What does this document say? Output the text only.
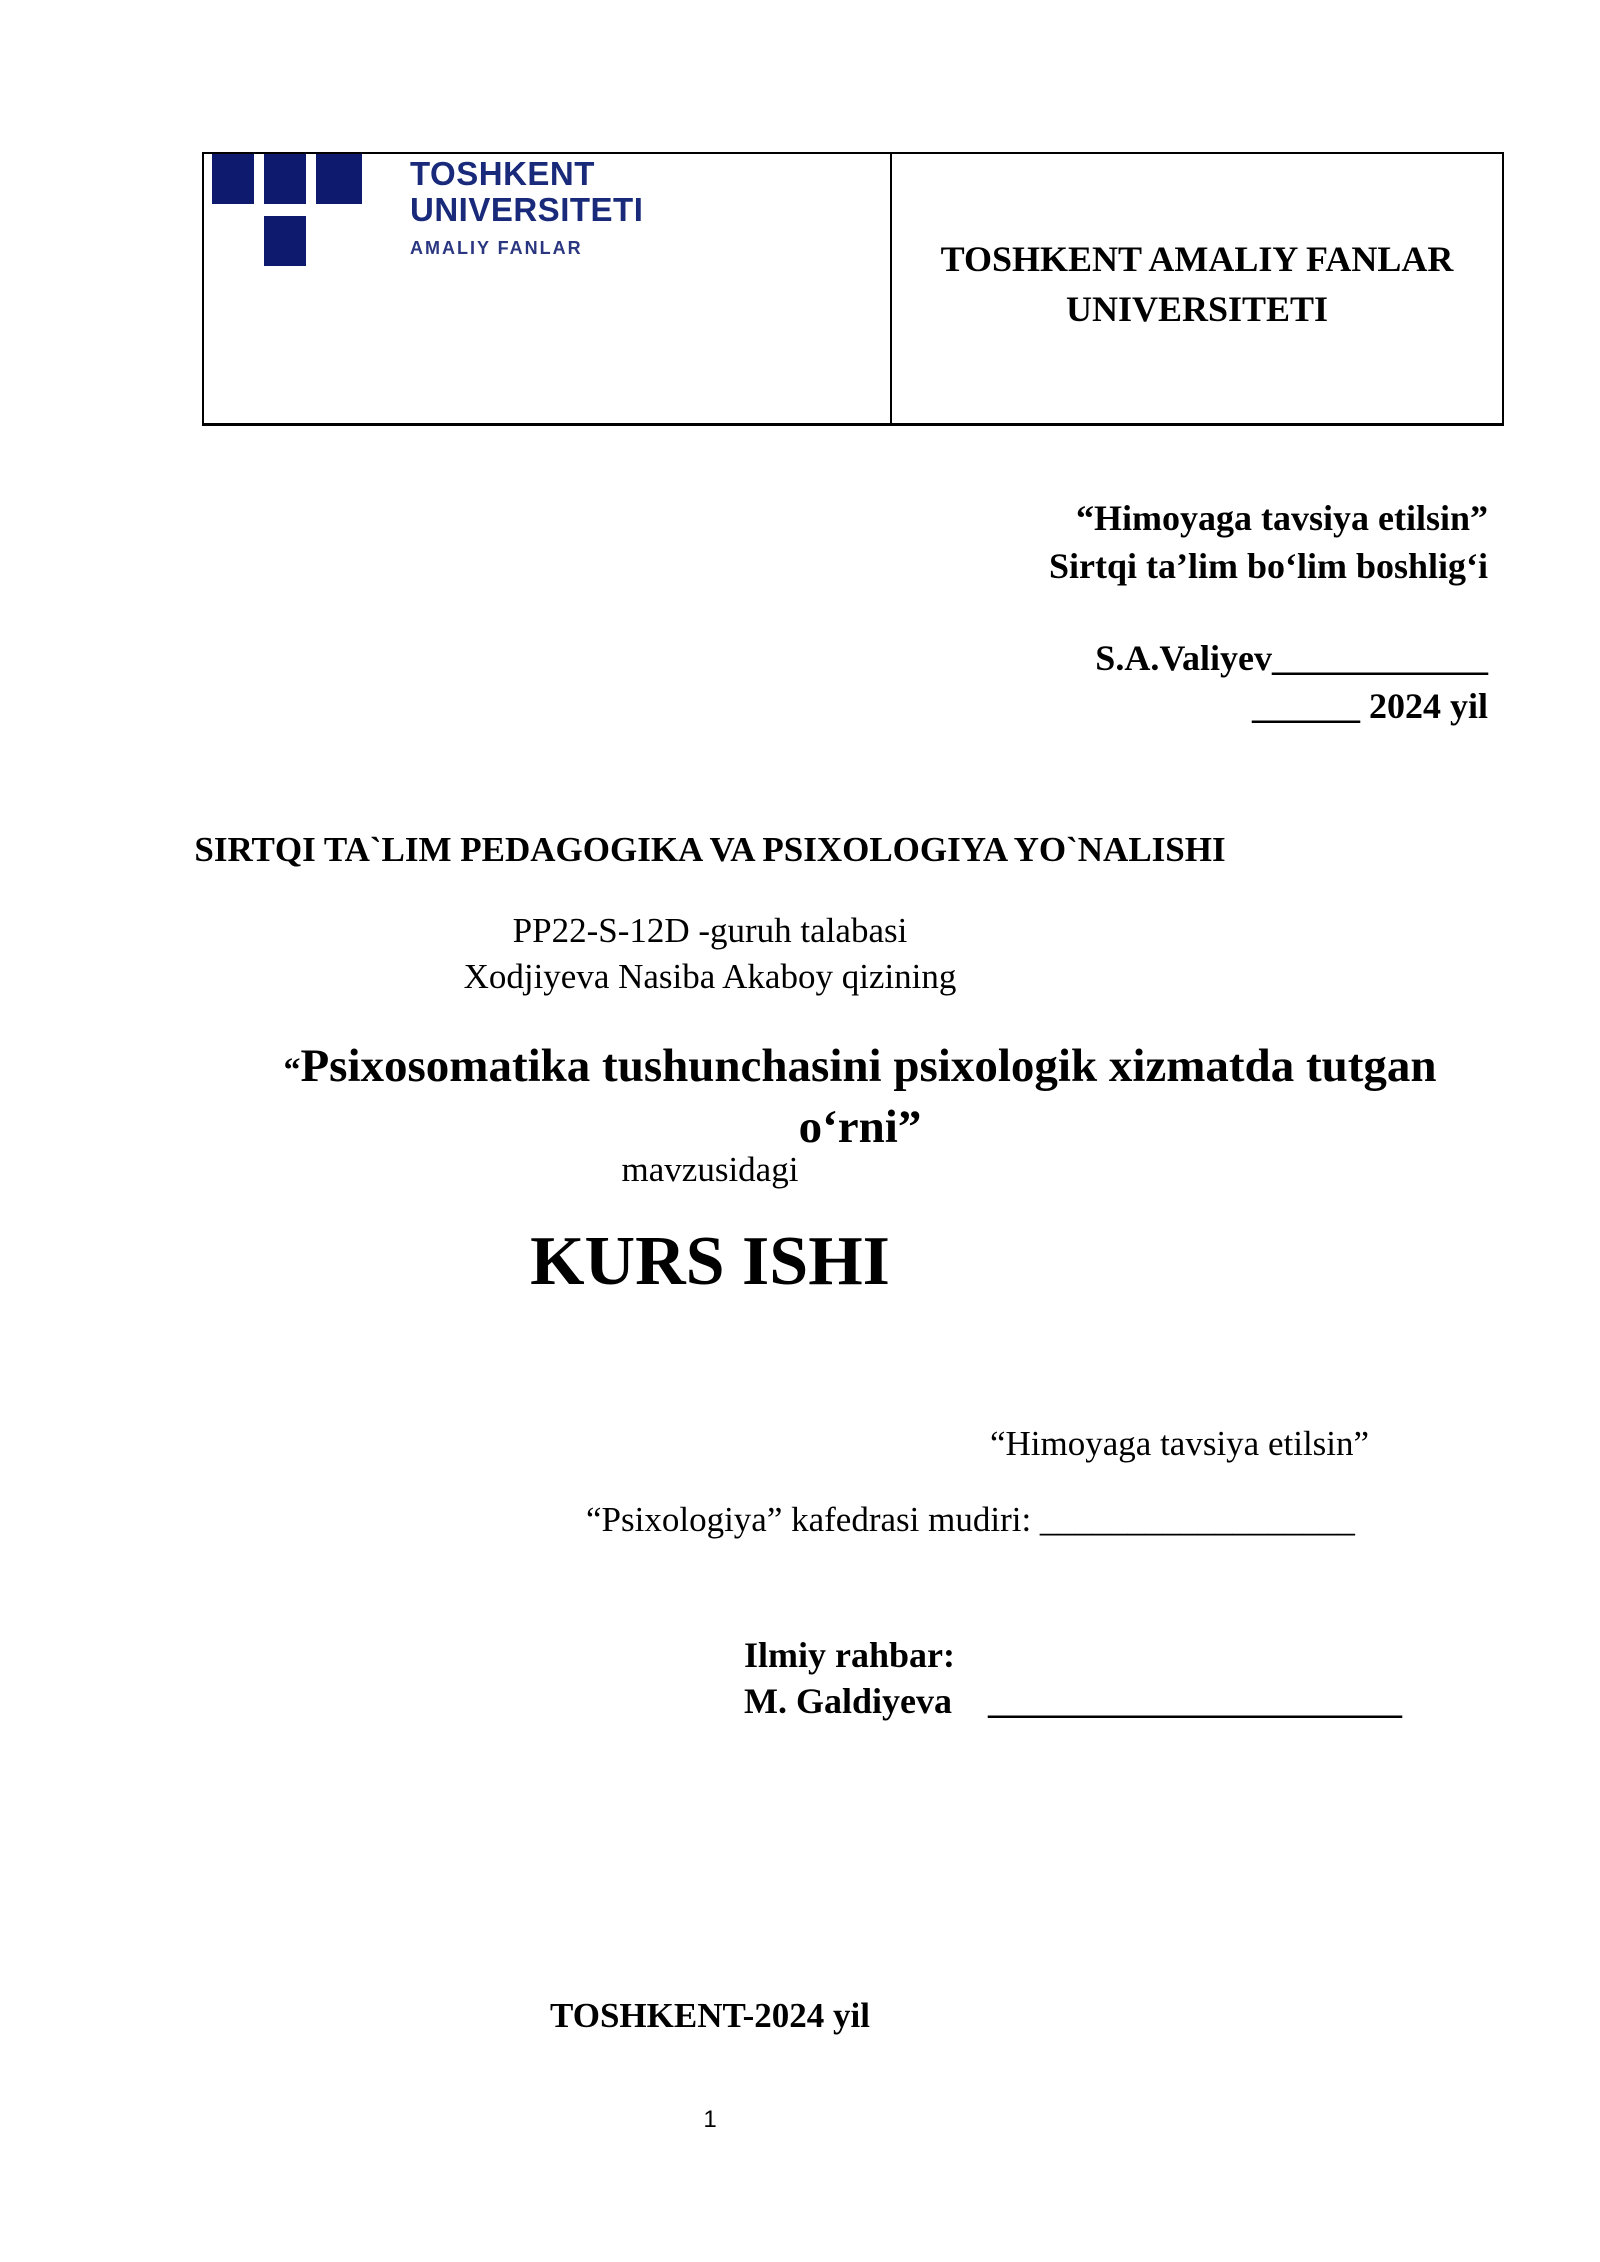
TOSHKENT
UNIVERSITETI
AMALIY FANLAR	TOSHKENT AMALIY FANLAR UNIVERSITETI
“Himoyaga tavsiya etilsin”
Sirtqi ta’lim bo‘lim boshlig‘i
S.A.Valiyev____________
______ 2024 yil
SIRTQI TA`LIM PEDAGOGIKA VA PSIXOLOGIYA YO`NALISHI
PP22-S-12D -guruh talabasi
Xodjiyeva Nasiba Akaboy qizining
“Psixosomatika tushunchasini psixologik xizmatda tutgan o‘rni”
mavzusidagi
KURS ISHI
“Himoyaga tavsiya etilsin”
“Psixologiya” kafedrasi mudiri: __________________
Ilmiy rahbar:
M. Galdiyeva _______________________
TOSHKENT-2024 yil
1
